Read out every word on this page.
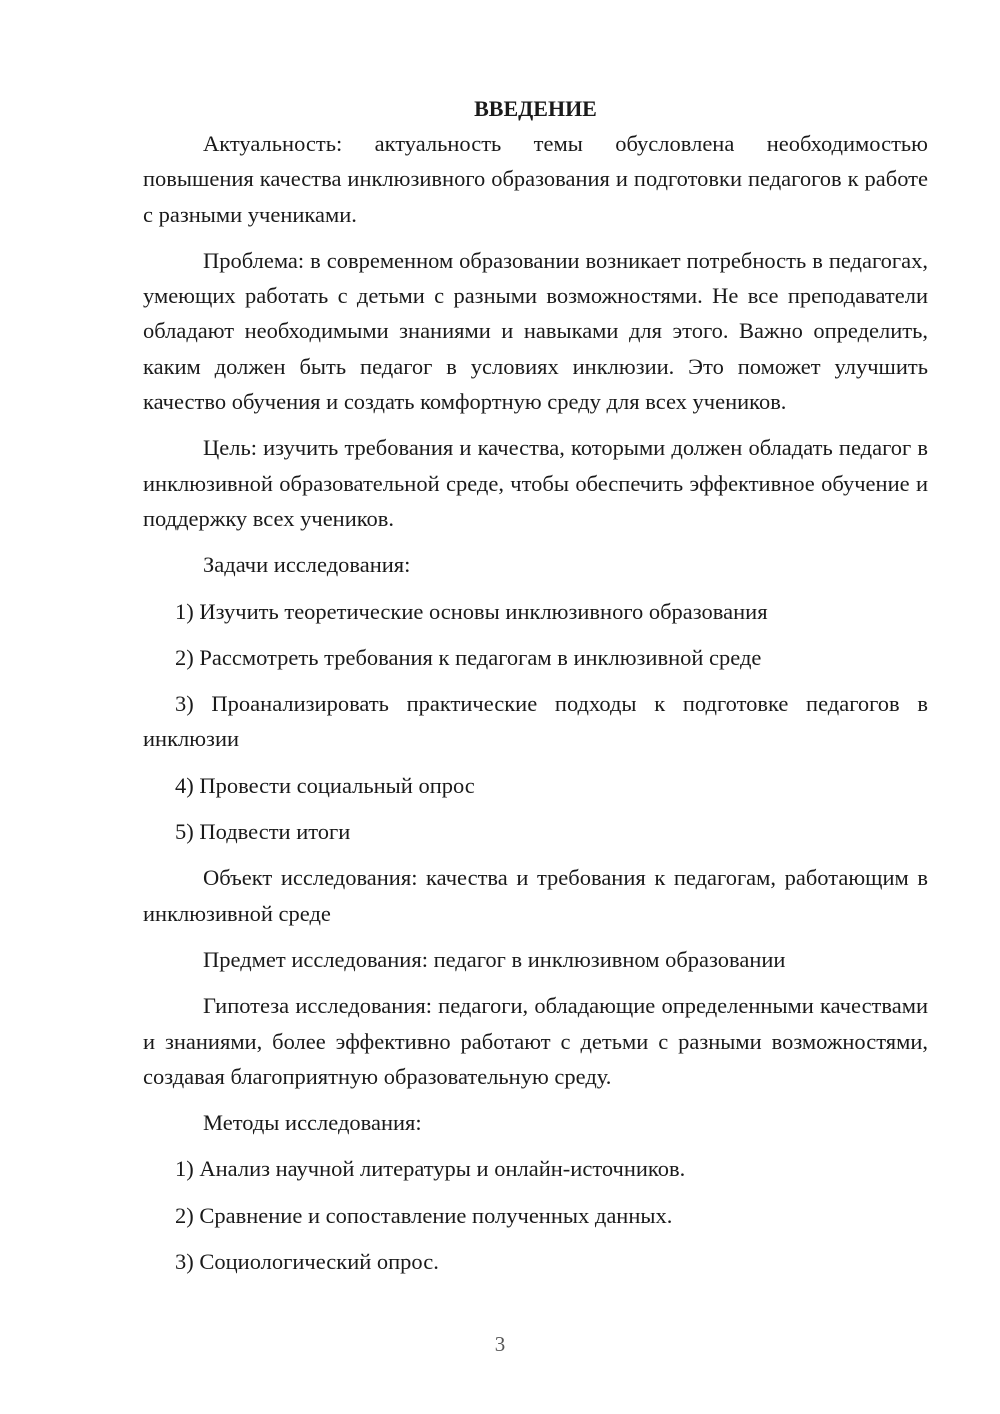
ВВЕДЕНИЕ

Актуальность: актуальность темы обусловлена необходимостью повышения качества инклюзивного образования и подготовки педагогов к работе с разными учениками.

Проблема: в современном образовании возникает потребность в педагогах, умеющих работать с детьми с разными возможностями. Не все преподаватели обладают необходимыми знаниями и навыками для этого. Важно определить, каким должен быть педагог в условиях инклюзии. Это поможет улучшить качество обучения и создать комфортную среду для всех учеников.

Цель: изучить требования и качества, которыми должен обладать педагог в инклюзивной образовательной среде, чтобы обеспечить эффективное обучение и поддержку всех учеников.

Задачи исследования:

1) Изучить теоретические основы инклюзивного образования

2) Рассмотреть требования к педагогам в инклюзивной среде

3) Проанализировать практические подходы к подготовке педагогов в инклюзии

4) Провести социальный опрос

5) Подвести итоги

Объект исследования: качества и требования к педагогам, работающим в инклюзивной среде

Предмет исследования: педагог в инклюзивном образовании

Гипотеза исследования: педагоги, обладающие определенными качествами и знаниями, более эффективно работают с детьми с разными возможностями, создавая благоприятную образовательную среду.

Методы исследования:

1) Анализ научной литературы и онлайн-источников.

2) Сравнение и сопоставление полученных данных.

3) Социологический опрос.

3
